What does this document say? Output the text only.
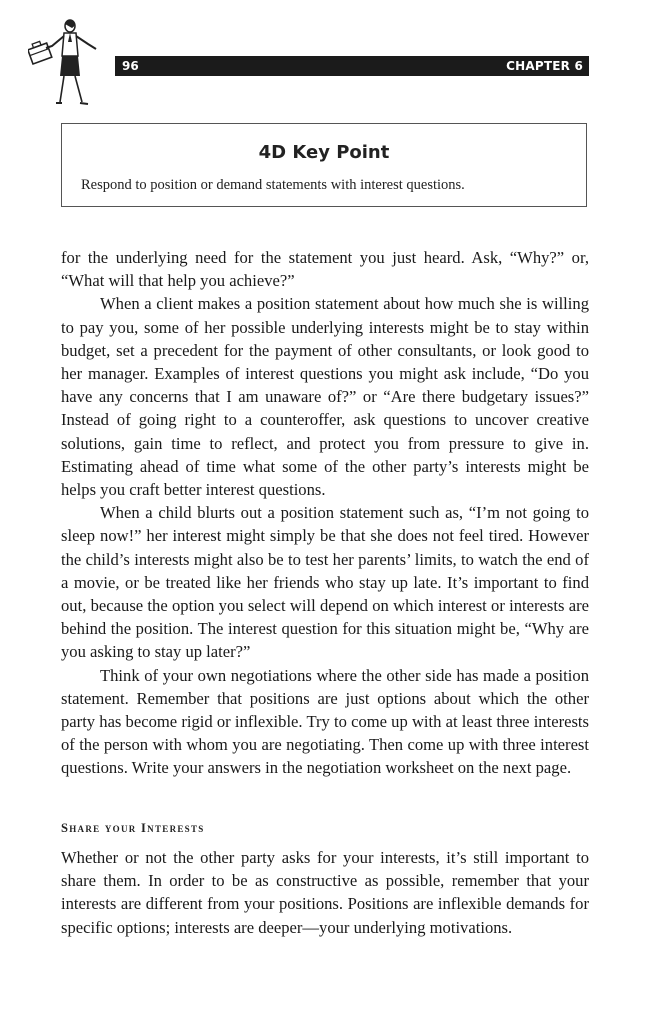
96	CHAPTER 6
4D Key Point
Respond to position or demand statements with interest questions.

for the underlying need for the statement you just heard. Ask, “Why?” or, “What will that help you achieve?”

When a client makes a position statement about how much she is willing to pay you, some of her possible underlying interests might be to stay within budget, set a precedent for the payment of other consultants, or look good to her manager. Examples of interest questions you might ask include, “Do you have any concerns that I am unaware of?” or “Are there budgetary issues?” Instead of going right to a counteroffer, ask questions to uncover creative solutions, gain time to reflect, and protect you from pressure to give in. Estimating ahead of time what some of the other party’s interests might be helps you craft better interest questions.

When a child blurts out a position statement such as, “I’m not going to sleep now!” her interest might simply be that she does not feel tired. However the child’s interests might also be to test her parents’ limits, to watch the end of a movie, or be treated like her friends who stay up late. It’s important to find out, because the option you select will depend on which interest or interests are behind the position. The interest question for this situation might be, “Why are you asking to stay up later?”

Think of your own negotiations where the other side has made a position statement. Remember that positions are just options about which the other party has become rigid or inflexible. Try to come up with at least three interests of the person with whom you are negotiating. Then come up with three interest questions. Write your answers in the negotiation worksheet on the next page.

Share your Interests

Whether or not the other party asks for your interests, it’s still important to share them. In order to be as constructive as possible, remember that your interests are different from your positions. Positions are inflexible demands for specific options; interests are deeper—your underlying motivations.
